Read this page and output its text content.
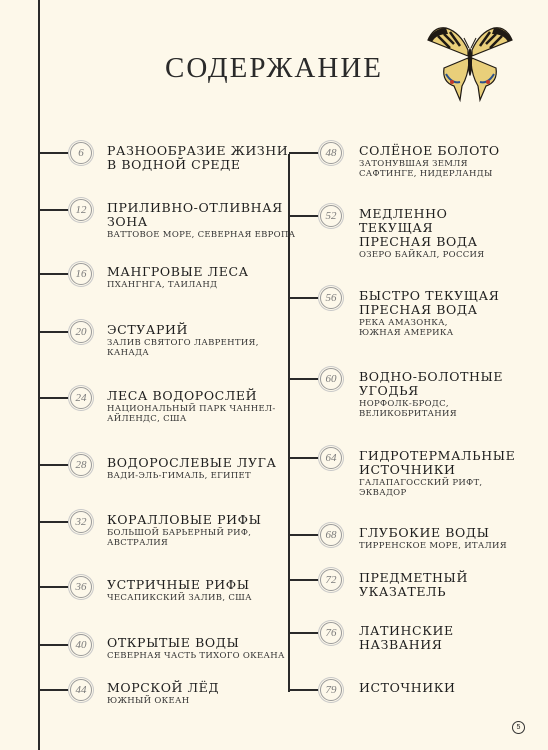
СОДЕРЖАНИЕ
6	РАЗНООБРАЗИЕ ЖИЗНИ
В ВОДНОЙ СРЕДЕ
12	ПРИЛИВНО-ОТЛИВНАЯ
ЗОНА
ВАТТОВОЕ МОРЕ, СЕВЕРНАЯ ЕВРОПА
16	МАНГРОВЫЕ ЛЕСА
ПХАНГНГА, ТАИЛАНД
20	ЭСТУАРИЙ
ЗАЛИВ СВЯТОГО ЛАВРЕНТИЯ,
КАНАДА
24	ЛЕСА ВОДОРОСЛЕЙ
НАЦИОНАЛЬНЫЙ ПАРК ЧАННЕЛ-
АЙЛЕНДС, США
28	ВОДОРОСЛЕВЫЕ ЛУГА
ВАДИ-ЭЛЬ-ГИМАЛЬ, ЕГИПЕТ
32	КОРАЛЛОВЫЕ РИФЫ
БОЛЬШОЙ БАРЬЕРНЫЙ РИФ,
АВСТРАЛИЯ
36	УСТРИЧНЫЕ РИФЫ
ЧЕСАПИКСКИЙ ЗАЛИВ, США
40	ОТКРЫТЫЕ ВОДЫ
СЕВЕРНАЯ ЧАСТЬ ТИХОГО ОКЕАНА
44	МОРСКОЙ ЛЁД
ЮЖНЫЙ ОКЕАН
48	СОЛЁНОЕ БОЛОТО
ЗАТОНУВШАЯ ЗЕМЛЯ
САФТИНГЕ, НИДЕРЛАНДЫ
52	МЕДЛЕННО
ТЕКУЩАЯ
ПРЕСНАЯ ВОДА
ОЗЕРО БАЙКАЛ, РОССИЯ
56	БЫСТРО ТЕКУЩАЯ
ПРЕСНАЯ ВОДА
РЕКА АМАЗОНКА,
ЮЖНАЯ АМЕРИКА
60	ВОДНО-БОЛОТНЫЕ
УГОДЬЯ
НОРФОЛК-БРОДС,
ВЕЛИКОБРИТАНИЯ
64	ГИДРОТЕРМАЛЬНЫЕ
ИСТОЧНИКИ
ГАЛАПАГОССКИЙ РИФТ,
ЭКВАДОР
68	ГЛУБОКИЕ ВОДЫ
ТИРРЕНСКОЕ МОРЕ, ИТАЛИЯ
72	ПРЕДМЕТНЫЙ
УКАЗАТЕЛЬ
76	ЛАТИНСКИЕ
НАЗВАНИЯ
79	ИСТОЧНИКИ
5
